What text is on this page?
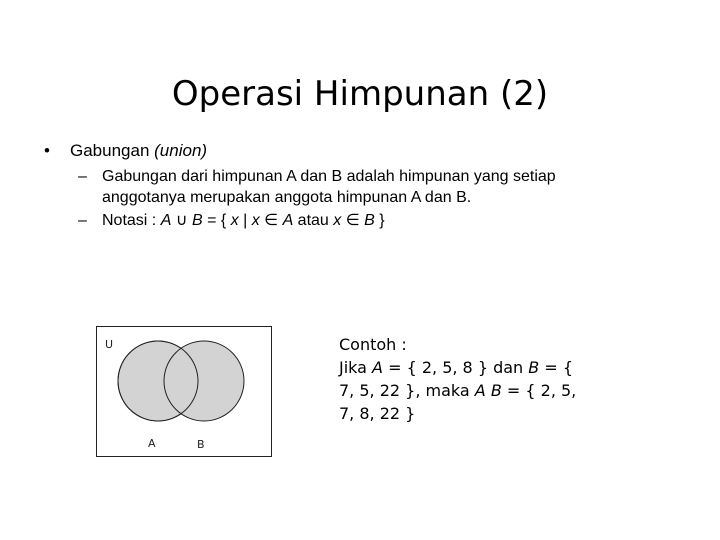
Operasi Himpunan (2)
• Gabungan (union)
– Gabungan dari himpunan A dan B adalah himpunan yang setiap
anggotanya merupakan anggota himpunan A dan B.
– Notasi : A ∪ B = { x | x ∈ A atau x ∈ B }
U
A	B
Contoh :
Jika A = { 2, 5, 8 } dan B = {
7, 5, 22 }, maka A B = { 2, 5,
7, 8, 22 }
